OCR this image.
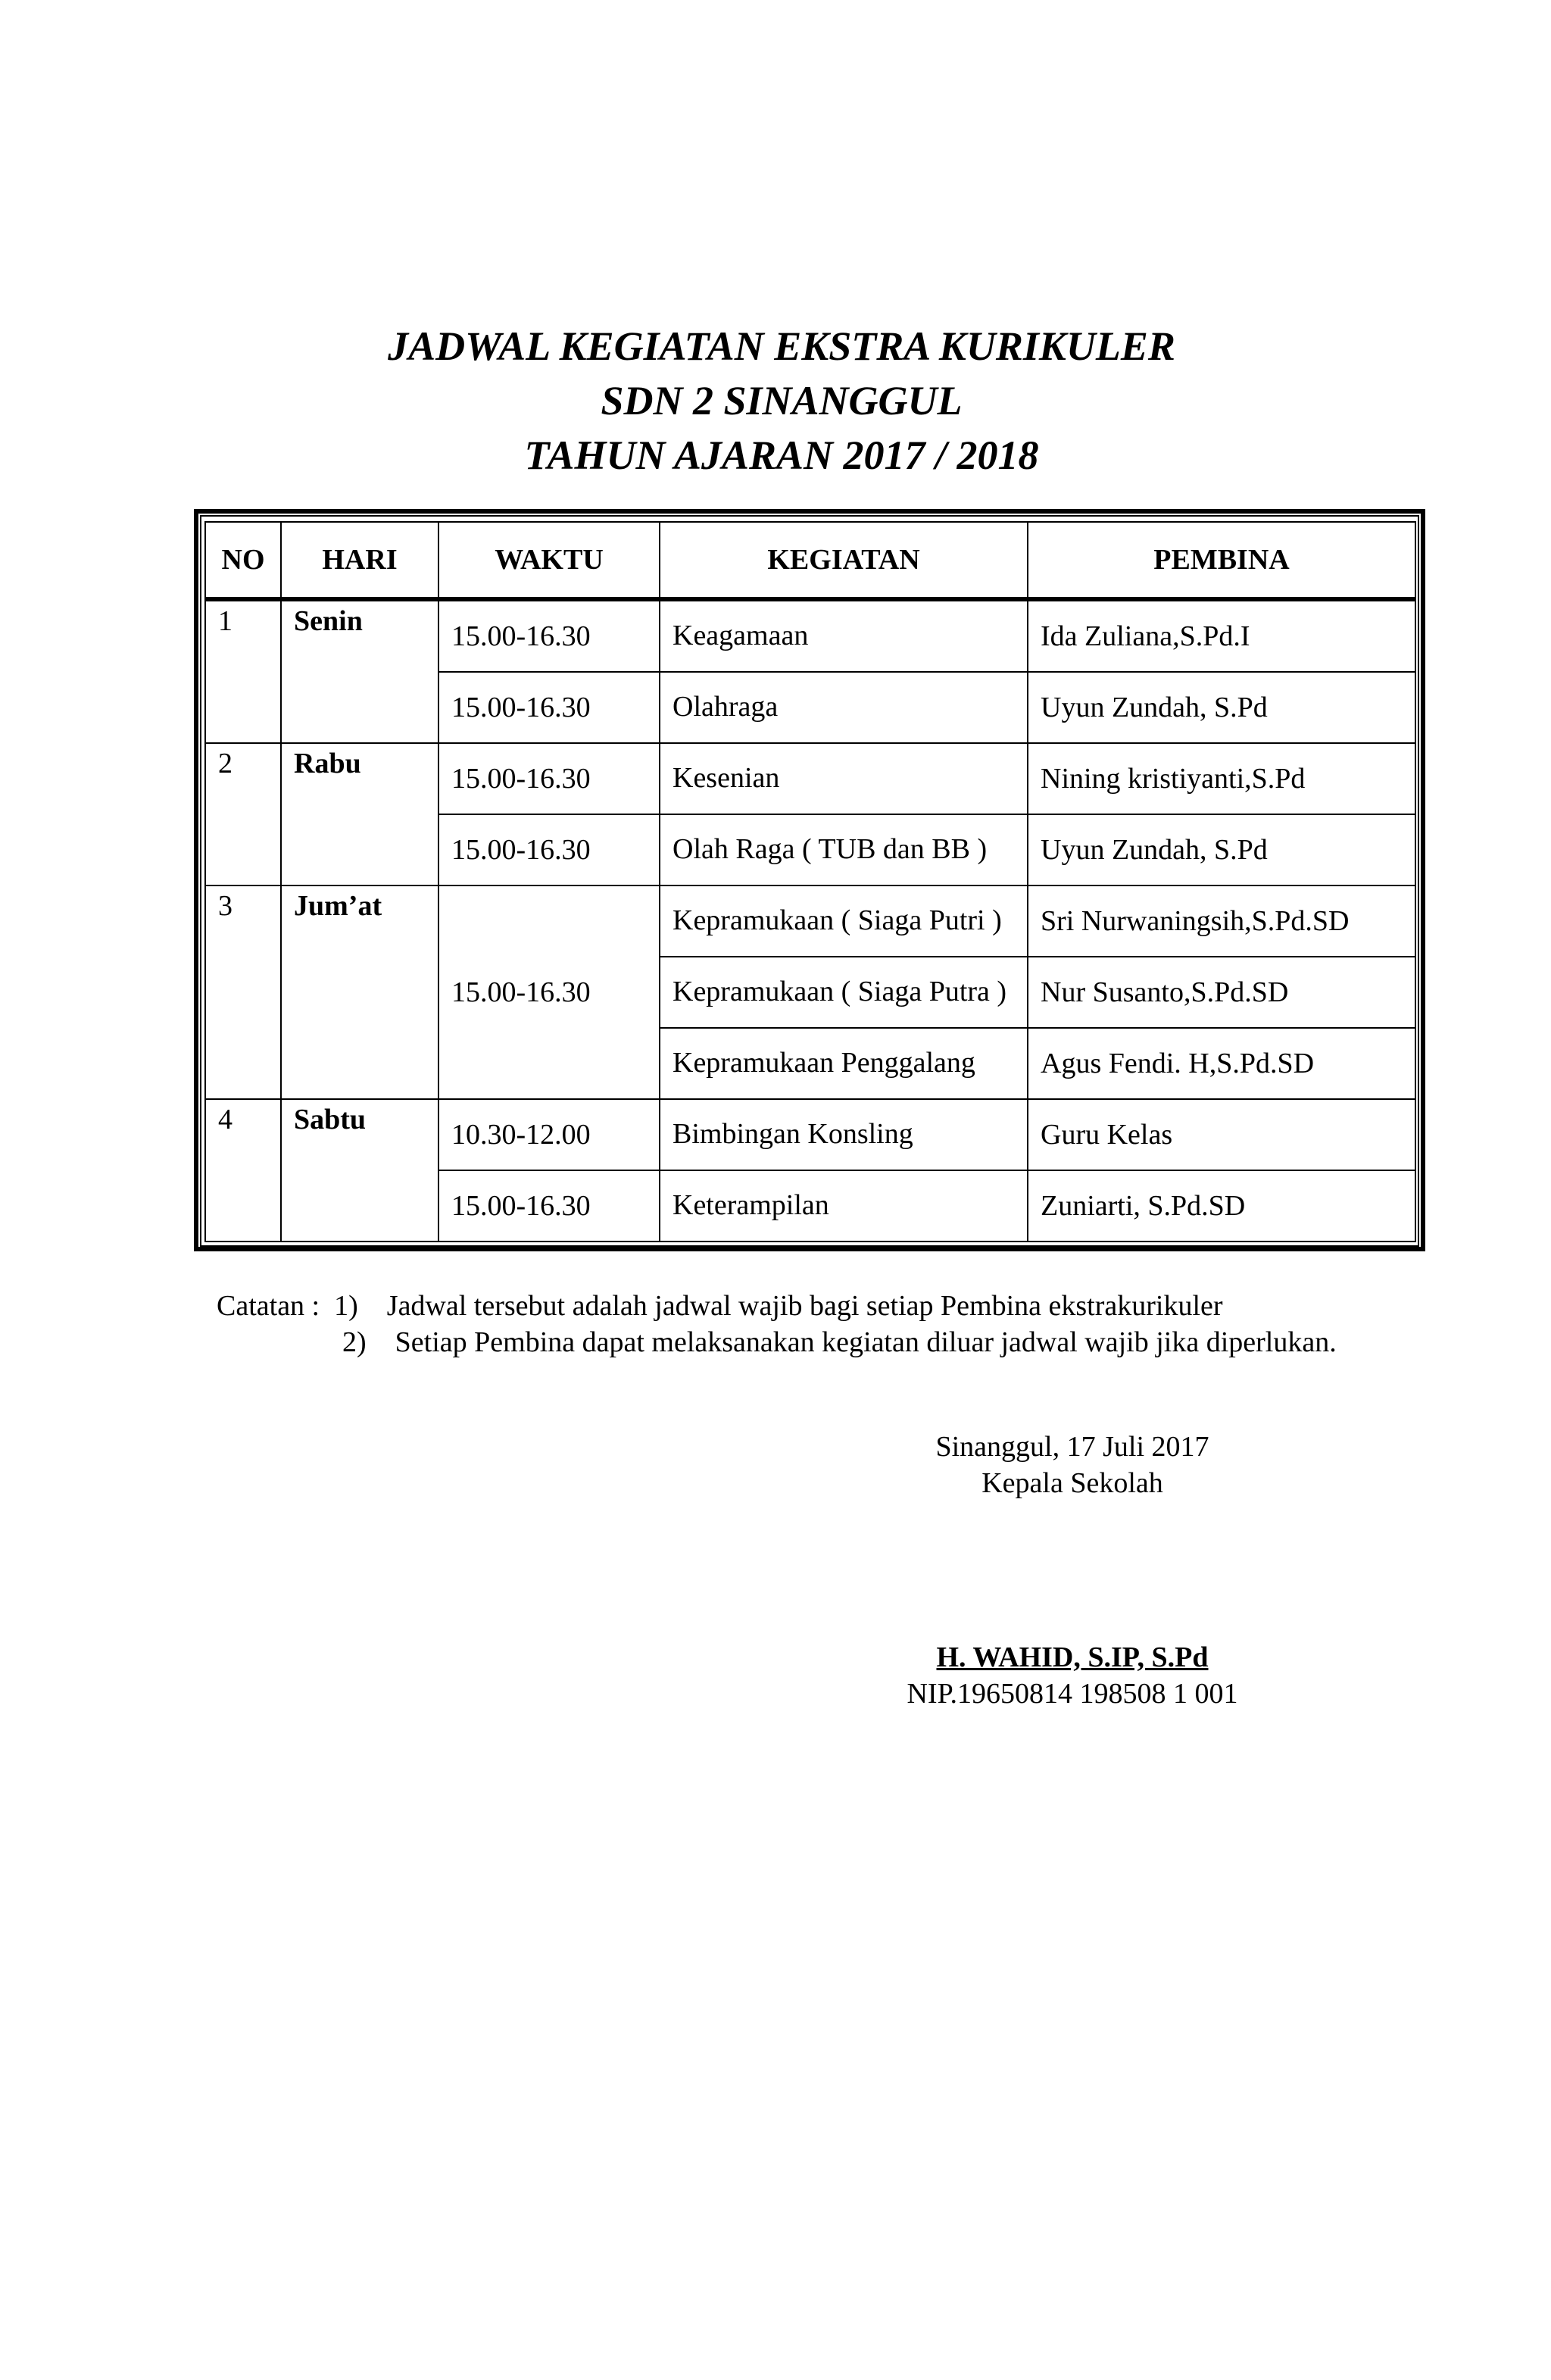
JADWAL KEGIATAN EKSTRA KURIKULER
SDN 2 SINANGGUL
TAHUN AJARAN 2017 / 2018
NO	HARI	WAKTU	KEGIATAN	PEMBINA
1	Senin	15.00-16.30	Keagamaan	Ida Zuliana,S.Pd.I
		15.00-16.30	Olahraga	Uyun Zundah, S.Pd
2	Rabu	15.00-16.30	Kesenian	Nining kristiyanti,S.Pd
		15.00-16.30	Olah Raga ( TUB dan BB )	Uyun Zundah, S.Pd
3	Jum’at	15.00-16.30	Kepramukaan ( Siaga Putri )	Sri Nurwaningsih,S.Pd.SD
			Kepramukaan ( Siaga Putra )	Nur Susanto,S.Pd.SD
			Kepramukaan Penggalang	Agus Fendi. H,S.Pd.SD
4	Sabtu	10.30-12.00	Bimbingan Konsling	Guru Kelas
		15.00-16.30	Keterampilan	Zuniarti, S.Pd.SD
Catatan : 1) Jadwal tersebut adalah jadwal wajib bagi setiap Pembina ekstrakurikuler
2) Setiap Pembina dapat melaksanakan kegiatan diluar jadwal wajib jika diperlukan.
Sinanggul, 17 Juli 2017
Kepala Sekolah
H. WAHID, S.IP, S.Pd
NIP.19650814 198508 1 001
